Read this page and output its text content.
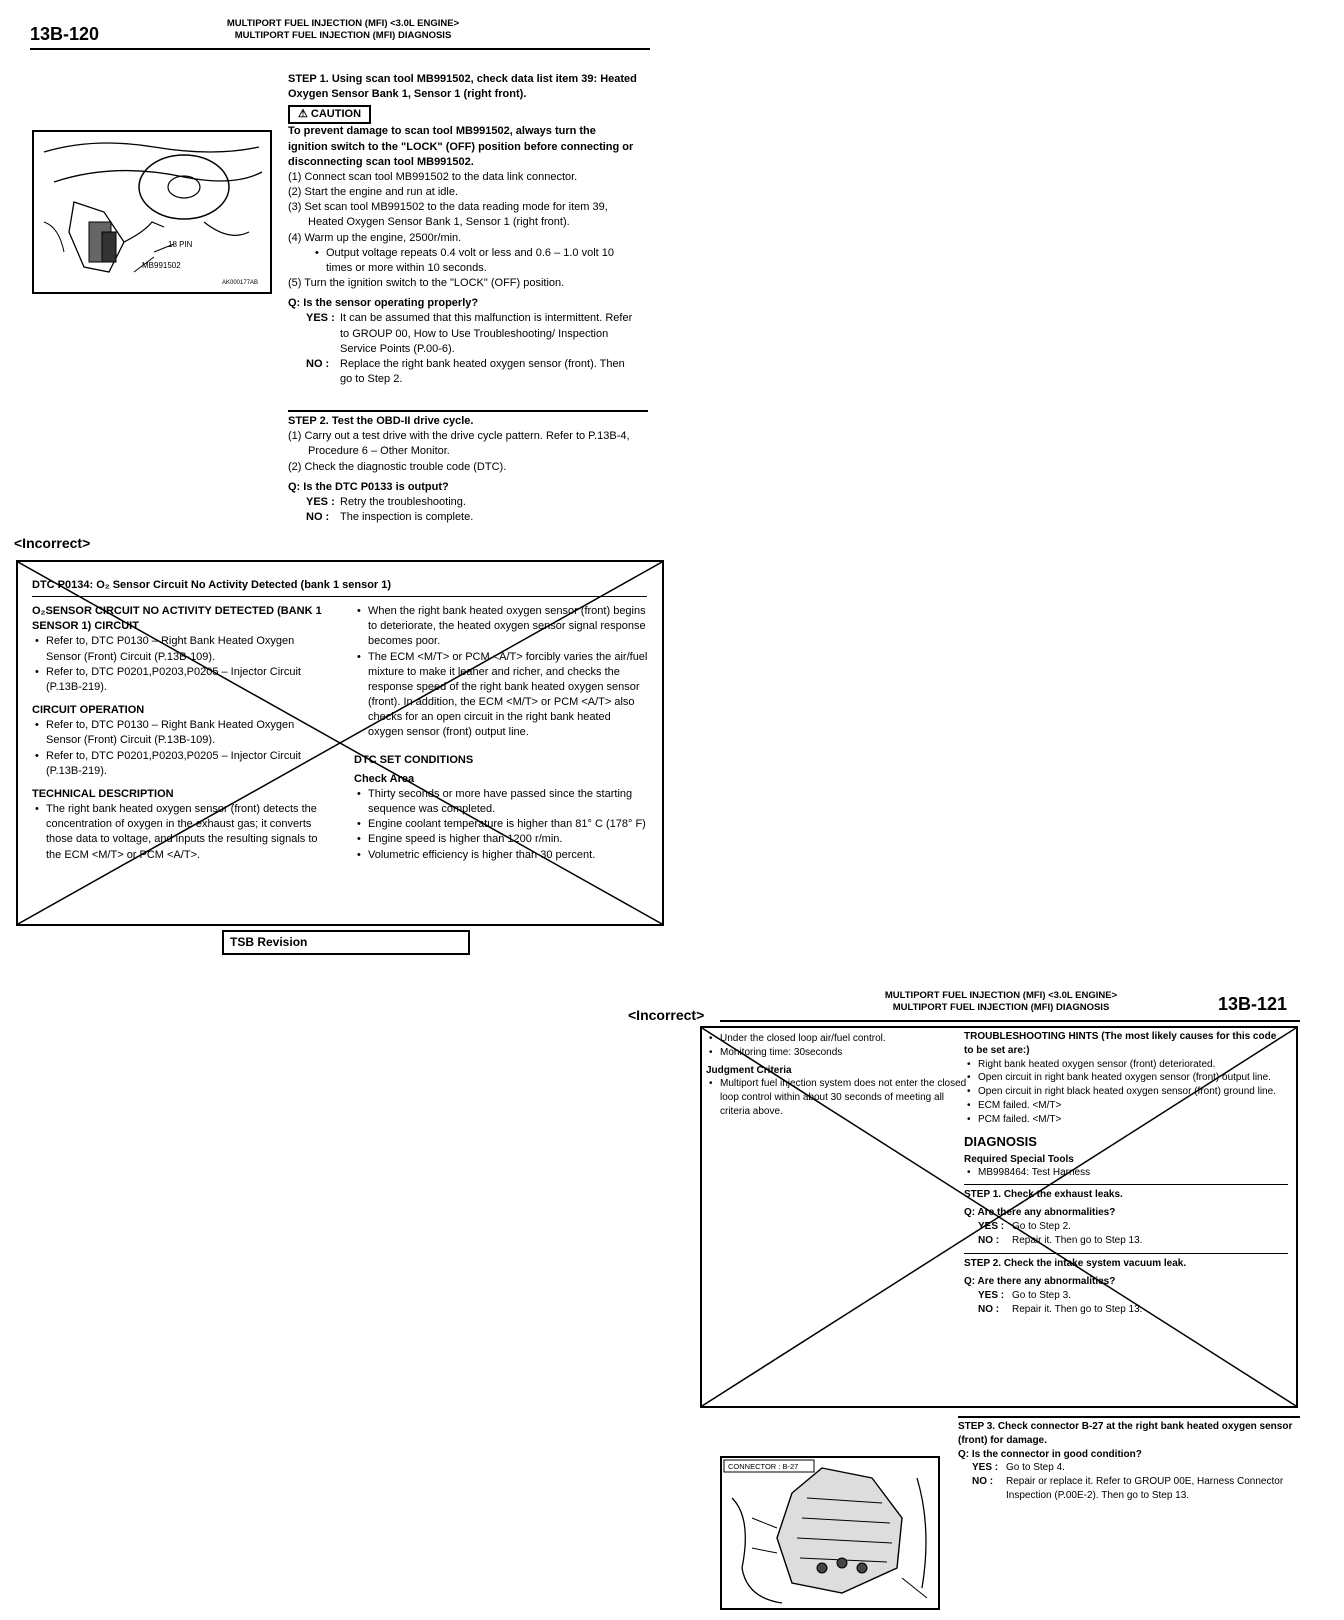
13B-120
MULTIPORT FUEL INJECTION (MFI) <3.0L ENGINE>
MULTIPORT FUEL INJECTION (MFI) DIAGNOSIS
18 PIN
MB991502
AK000177AB
STEP 1. Using scan tool MB991502, check data list item 39: Heated Oxygen Sensor Bank 1, Sensor 1 (right front).
⚠ CAUTION
To prevent damage to scan tool MB991502, always turn the ignition switch to the "LOCK" (OFF) position before connecting or disconnecting scan tool MB991502.
(1) Connect scan tool MB991502 to the data link connector.
(2) Start the engine and run at idle.
(3) Set scan tool MB991502 to the data reading mode for item 39, Heated Oxygen Sensor Bank 1, Sensor 1 (right front).
(4) Warm up the engine, 2500r/min.
• Output voltage repeats 0.4 volt or less and 0.6 – 1.0 volt 10 times or more within 10 seconds.
(5) Turn the ignition switch to the "LOCK" (OFF) position.
Q: Is the sensor operating properly?
YES : It can be assumed that this malfunction is intermittent. Refer to GROUP 00, How to Use Troubleshooting/ Inspection Service Points (P.00-6).
NO : Replace the right bank heated oxygen sensor (front). Then go to Step 2.
STEP 2. Test the OBD-II drive cycle.
(1) Carry out a test drive with the drive cycle pattern. Refer to P.13B-4, Procedure 6 – Other Monitor.
(2) Check the diagnostic trouble code (DTC).
Q: Is the DTC P0133 is output?
YES : Retry the troubleshooting.
NO : The inspection is complete.
<Incorrect>
DTC P0134: O₂ Sensor Circuit No Activity Detected (bank 1 sensor 1)
O₂SENSOR CIRCUIT NO ACTIVITY DETECTED (BANK 1 SENSOR 1) CIRCUIT
• Refer to, DTC P0130 – Right Bank Heated Oxygen Sensor (Front) Circuit (P.13B-109).
• Refer to, DTC P0201,P0203,P0205 – Injector Circuit (P.13B-219).
CIRCUIT OPERATION
• Refer to, DTC P0130 – Right Bank Heated Oxygen Sensor (Front) Circuit (P.13B-109).
• Refer to, DTC P0201,P0203,P0205 – Injector Circuit (P.13B-219).
TECHNICAL DESCRIPTION
• The right bank heated oxygen sensor (front) detects the concentration of oxygen in the exhaust gas; it converts those data to voltage, and inputs the resulting signals to the ECM <M/T> or PCM <A/T>.
• When the right bank heated oxygen sensor (front) begins to deteriorate, the heated oxygen sensor signal response becomes poor.
• The ECM <M/T> or PCM <A/T> forcibly varies the air/fuel mixture to make it leaner and richer, and checks the response speed of the right bank heated oxygen sensor (front). In addition, the ECM <M/T> or PCM <A/T> also checks for an open circuit in the right bank heated oxygen sensor (front) output line.
DTC SET CONDITIONS
Check Area
• Thirty seconds or more have passed since the starting sequence was completed.
• Engine coolant temperature is higher than 81° C (178° F)
• Engine speed is higher than 1200 r/min.
• Volumetric efficiency is higher than 30 percent.
TSB Revision
<Incorrect>
MULTIPORT FUEL INJECTION (MFI) <3.0L ENGINE>
MULTIPORT FUEL INJECTION (MFI) DIAGNOSIS	13B-121
• Under the closed loop air/fuel control.
• Monitoring time: 30seconds
Judgment Criteria
• Multiport fuel injection system does not enter the closed loop control within about 30 seconds of meeting all criteria above.
TROUBLESHOOTING HINTS (The most likely causes for this code to be set are:)
• Right bank heated oxygen sensor (front) deteriorated.
• Open circuit in right bank heated oxygen sensor (front) output line.
• Open circuit in right black heated oxygen sensor (front) ground line.
• ECM failed. <M/T>
• PCM failed. <M/T>
DIAGNOSIS
Required Special Tools
• MB998464: Test Harness
STEP 1. Check the exhaust leaks.
Q: Are there any abnormalities?
YES : Go to Step 2.
NO :	Repair it. Then go to Step 13.
STEP 2. Check the intake system vacuum leak.
Q: Are there any abnormalities?
YES : Go to Step 3.
NO :	Repair it. Then go to Step 13.
STEP 3. Check connector B-27 at the right bank heated oxygen sensor (front) for damage.
Q: Is the connector in good condition?
YES : Go to Step 4.
NO :	Repair or replace it. Refer to GROUP 00E, Harness Connector Inspection (P.00E-2). Then go to Step 13.
CONNECTOR : B-27
